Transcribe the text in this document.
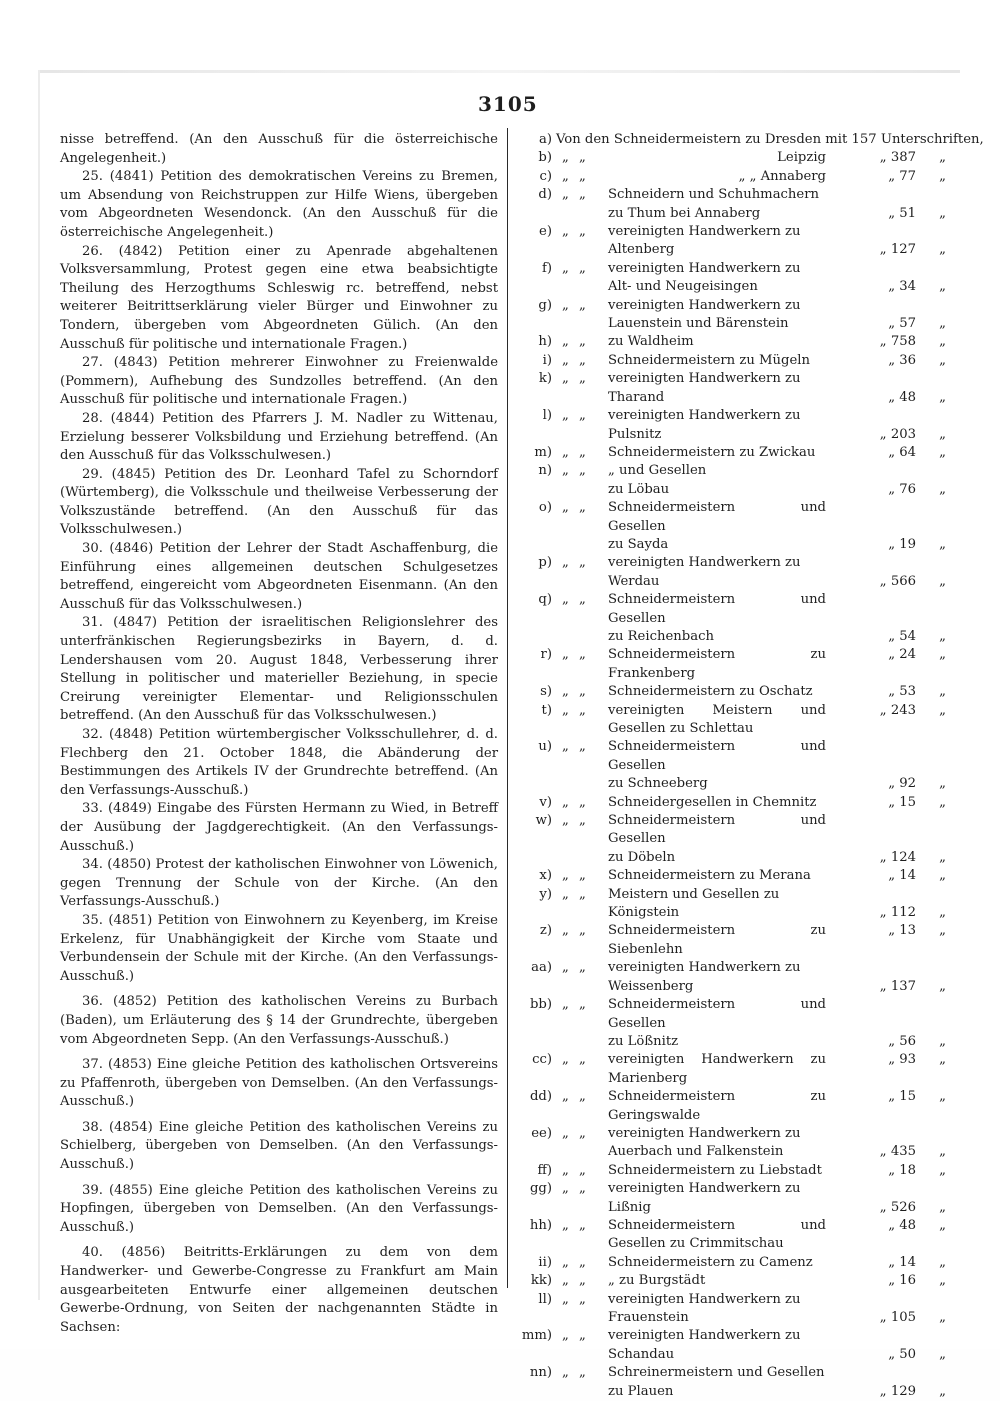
3105

nisse betreffend. (An den Ausschuß für die österreichische Angelegenheit.)

25. (4841) Petition des demokratischen Vereins zu Bremen, um Absendung von Reichstruppen zur Hilfe Wiens, übergeben vom Abgeordneten Wesendonck. (An den Ausschuß für die österreichische Angelegenheit.)

26. (4842) Petition einer zu Apenrade abgehaltenen Volksversammlung, Protest gegen eine etwa beabsichtigte Theilung des Herzogthums Schleswig rc. betreffend, nebst weiterer Beitrittserklärung vieler Bürger und Einwohner zu Tondern, übergeben vom Abgeordneten Gülich. (An den Ausschuß für politische und internationale Fragen.)

27. (4843) Petition mehrerer Einwohner zu Freienwalde (Pommern), Aufhebung des Sundzolles betreffend. (An den Ausschuß für politische und internationale Fragen.)

28. (4844) Petition des Pfarrers J. M. Nadler zu Wittenau, Erzielung besserer Volksbildung und Erziehung betreffend. (An den Ausschuß für das Volksschulwesen.)

29. (4845) Petition des Dr. Leonhard Tafel zu Schorndorf (Würtemberg), die Volksschule und theilweise Verbesserung der Volkszustände betreffend. (An den Ausschuß für das Volksschulwesen.)

30. (4846) Petition der Lehrer der Stadt Aschaffenburg, die Einführung eines allgemeinen deutschen Schulgesetzes betreffend, eingereicht vom Abgeordneten Eisenmann. (An den Ausschuß für das Volksschulwesen.)

31. (4847) Petition der israelitischen Religionslehrer des unterfränkischen Regierungsbezirks in Bayern, d. d. Lendershausen vom 20. August 1848, Verbesserung ihrer Stellung in politischer und materieller Beziehung, in specie Creirung vereinigter Elementar- und Religionsschulen betreffend. (An den Ausschuß für das Volksschulwesen.)

32. (4848) Petition würtembergischer Volksschullehrer, d. d. Flechberg den 21. October 1848, die Abänderung der Bestimmungen des Artikels IV der Grundrechte betreffend. (An den Verfassungs-Ausschuß.)

33. (4849) Eingabe des Fürsten Hermann zu Wied, in Betreff der Ausübung der Jagdgerechtigkeit. (An den Verfassungs-Ausschuß.)

34. (4850) Protest der katholischen Einwohner von Löwenich, gegen Trennung der Schule von der Kirche. (An den Verfassungs-Ausschuß.)

35. (4851) Petition von Einwohnern zu Keyenberg, im Kreise Erkelenz, für Unabhängigkeit der Kirche vom Staate und Verbundensein der Schule mit der Kirche. (An den Verfassungs-Ausschuß.)

36. (4852) Petition des katholischen Vereins zu Burbach (Baden), um Erläuterung des § 14 der Grundrechte, übergeben vom Abgeordneten Sepp. (An den Verfassungs-Ausschuß.)

37. (4853) Eine gleiche Petition des katholischen Ortsvereins zu Pfaffenroth, übergeben von Demselben. (An den Verfassungs-Ausschuß.)

38. (4854) Eine gleiche Petition des katholischen Vereins zu Schielberg, übergeben von Demselben. (An den Verfassungs-Ausschuß.)

39. (4855) Eine gleiche Petition des katholischen Vereins zu Hopfingen, übergeben von Demselben. (An den Verfassungs-Ausschuß.)

40. (4856) Beitritts-Erklärungen zu dem von dem Handwerker- und Gewerbe-Congresse zu Frankfurt am Main ausgearbeiteten Entwurfe einer allgemeinen deutschen Gewerbe-Ordnung, von Seiten der nachgenannten Städte in Sachsen:

a) Von den Schneidermeistern zu Dresden mit 157 Unterschriften,
b) „ „	Leipzig	„ 387	„
c) „ „	„ „ Annaberg	„ 77	„
d) „ „	Schneidern und Schuhmachern
zu Thum bei Annaberg	„ 51	„
e) „ „	vereinigten Handwerkern zu
Altenberg	„ 127	„
f) „ „	vereinigten Handwerkern zu
Alt- und Neugeisingen	„ 34	„
g) „ „	vereinigten Handwerkern zu
Lauenstein und Bärenstein	„ 57	„
h) „ „	zu Waldheim	„ 758	„
i) „ „	Schneidermeistern zu Mügeln	„ 36	„
k) „ „	vereinigten Handwerkern zu
Tharand	„ 48	„
l) „ „	vereinigten Handwerkern zu
Pulsnitz	„ 203	„
m) „ „	Schneidermeistern zu Zwickau	„ 64	„
n) „ „	„ und Gesellen
zu Löbau	„ 76	„
o) „ „	Schneidermeistern und Gesellen
zu Sayda	„ 19	„
p) „ „	vereinigten Handwerkern zu
Werdau	„ 566	„
q) „ „	Schneidermeistern und Gesellen
zu Reichenbach	„ 54	„
r) „ „	Schneidermeistern zu Frankenberg
„ 24	„
s) „ „	Schneidermeistern zu Oschatz	„ 53	„
t) „ „	vereinigten Meistern und Gesellen zu Schlettau
„ 243	„
u) „ „	Schneidermeistern und Gesellen
zu Schneeberg	„ 92	„
v) „ „	Schneidergesellen in Chemnitz	„ 15	„
w) „ „	Schneidermeistern und Gesellen
zu Döbeln	„ 124	„
x) „ „	Schneidermeistern zu Merana	„ 14	„
y) „ „	Meistern und Gesellen zu
Königstein	„ 112	„
z) „ „	Schneidermeistern zu Siebenlehn
„ 13	„
aa) „ „	vereinigten Handwerkern zu
Weissenberg	„ 137	„
bb) „ „	Schneidermeistern und Gesellen
zu Lößnitz	„ 56	„
cc) „ „	vereinigten Handwerkern zu Marienberg
„ 93	„
dd) „ „	Schneidermeistern zu Geringswalde
„ 15	„
ee) „ „	vereinigten Handwerkern zu
Auerbach und Falkenstein	„ 435	„
ff) „ „	Schneidermeistern zu Liebstadt	„ 18	„
gg) „ „	vereinigten Handwerkern zu
Lißnig	„ 526	„
hh) „ „	Schneidermeistern und Gesellen zu Crimmitschau
„ 48	„
ii) „ „	Schneidermeistern zu Camenz	„ 14	„
kk) „ „	„ zu Burgstädt	„ 16	„
ll) „ „	vereinigten Handwerkern zu
Frauenstein	„ 105	„
mm) „ „	vereinigten Handwerkern zu
Schandau	„ 50	„
nn) „ „	Schreinermeistern und Gesellen
zu Plauen	„ 129	„
